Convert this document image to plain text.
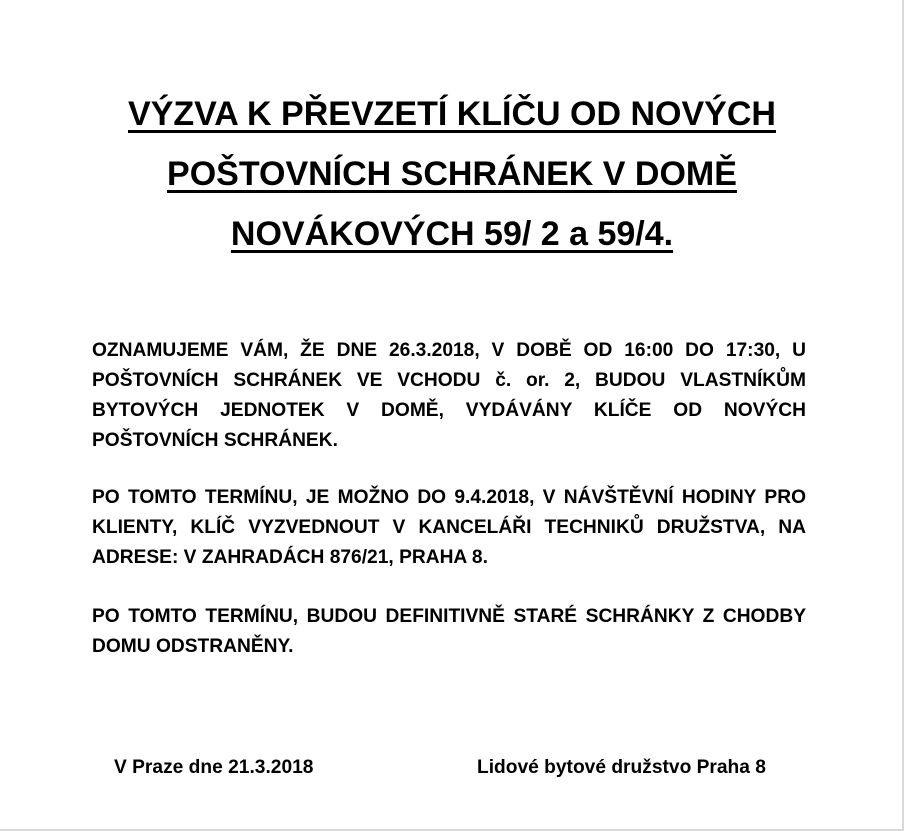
VÝZVA K PŘEVZETÍ KLÍČU OD NOVÝCH
POŠTOVNÍCH SCHRÁNEK V DOMĚ
NOVÁKOVÝCH 59/ 2 a 59/4.

OZNAMUJEME VÁM, ŽE DNE 26.3.2018, V DOBĚ OD 16:00 DO 17:30, U POŠTOVNÍCH SCHRÁNEK VE VCHODU č. or. 2, BUDOU VLASTNÍKŮM BYTOVÝCH JEDNOTEK V DOMĚ, VYDÁVÁNY KLÍČE OD NOVÝCH POŠTOVNÍCH SCHRÁNEK.

PO TOMTO TERMÍNU, JE MOŽNO DO 9.4.2018, V NÁVŠTĚVNÍ HODINY PRO KLIENTY, KLÍČ VYZVEDNOUT V KANCELÁŘI TECHNIKŮ DRUŽSTVA, NA ADRESE: V ZAHRADÁCH 876/21, PRAHA 8.

PO TOMTO TERMÍNU, BUDOU DEFINITIVNĚ STARÉ SCHRÁNKY Z CHODBY DOMU ODSTRANĚNY.

V Praze dne 21.3.2018	Lidové bytové družstvo Praha 8
